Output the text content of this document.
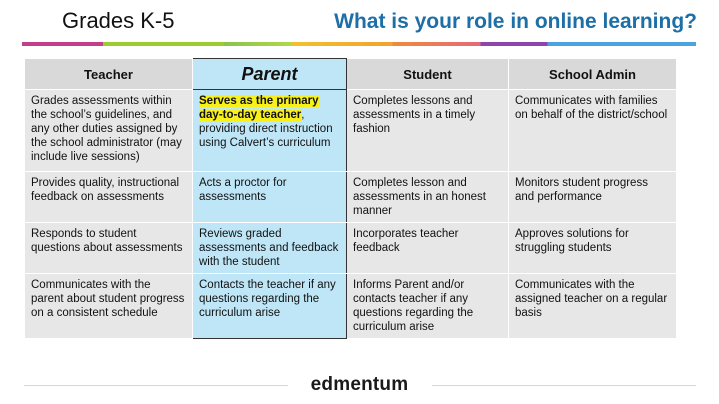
Grades K-5	What is your role in online learning?
Teacher	Parent	Student	School Admin
Grades assessments within the school’s guidelines, and any other duties assigned by the school administrator (may include live sessions)	Serves as the primary day-to-day teacher, providing direct instruction using Calvert’s curriculum	Completes lessons and assessments in a timely fashion	Communicates with families on behalf of the district/school
Provides quality, instructional feedback on assessments	Acts a proctor for assessments	Completes lesson and assessments in an honest manner	Monitors student progress and performance
Responds to student questions about assessments	Reviews graded assessments and feedback with the student	Incorporates teacher feedback	Approves solutions for struggling students
Communicates with the parent about student progress on a consistent schedule	Contacts the teacher if any questions regarding the curriculum arise	Informs Parent and/or contacts teacher if any questions regarding the curriculum arise	Communicates with the assigned teacher on a regular basis
edmentum
